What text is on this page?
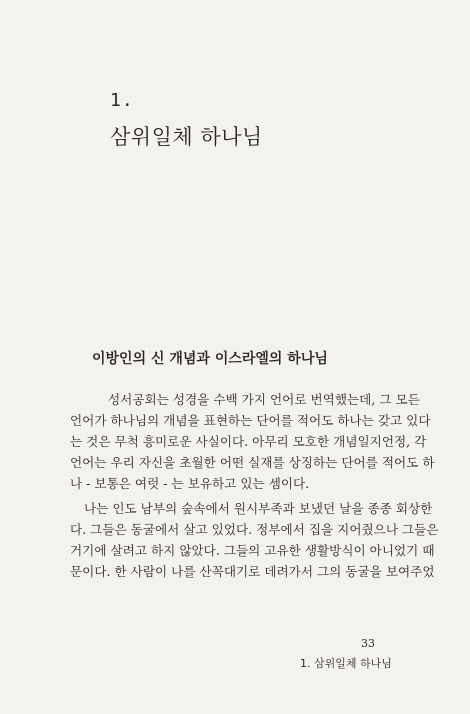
1.
삼위일체 하나님
이방인의 신 개념과 이스라엘의 하나님
성서공회는 성경을 수백 가지 언어로 번역했는데, 그 모든
언어가 하나님의 개념을 표현하는 단어를 적어도 하나는 갖고 있다
는 것은 무척 흥미로운 사실이다. 아무리 모호한 개념일지언정, 각
언어는 우리 자신을 초월한 어떤 실재를 상징하는 단어를 적어도 하
나 - 보통은 여럿 - 는 보유하고 있는 셈이다.
나는 인도 남부의 숲속에서 원시부족과 보냈던 날을 종종 회상한
다. 그들은 동굴에서 살고 있었다. 정부에서 집을 지어줬으나 그들은
거기에 살려고 하지 않았다. 그들의 고유한 생활방식이 아니었기 때
문이다. 한 사람이 나를 산꼭대기로 데려가서 그의 동굴을 보여주었
33
1. 삼위일체 하나님
